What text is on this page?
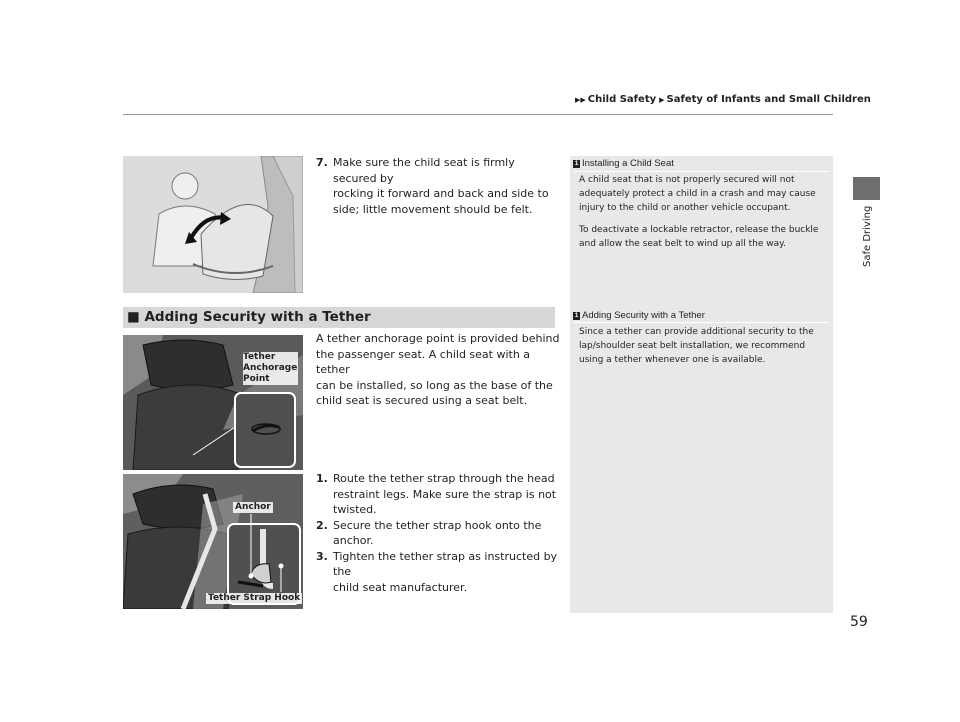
▶▶ Child Safety ▶ Safety of Infants and Small Children
Safe Driving
1 Installing a Child Seat
A child seat that is not properly secured will not
adequately protect a child in a crash and may cause
injury to the child or another vehicle occupant.
To deactivate a lockable retractor, release the buckle
and allow the seat belt to wind up all the way.
1 Adding Security with a Tether
Since a tether can provide additional security to the
lap/shoulder seat belt installation, we recommend
using a tether whenever one is available.
7. Make sure the child seat is firmly secured by
rocking it forward and back and side to
side; little movement should be felt.
■ Adding Security with a Tether
Tether
Anchorage
Point
A tether anchorage point is provided behind
the passenger seat. A child seat with a tether
can be installed, so long as the base of the
child seat is secured using a seat belt.
Anchor
Tether Strap Hook
1. Route the tether strap through the head
restraint legs. Make sure the strap is not
twisted.
2. Secure the tether strap hook onto the
anchor.
3. Tighten the tether strap as instructed by the
child seat manufacturer.
59
